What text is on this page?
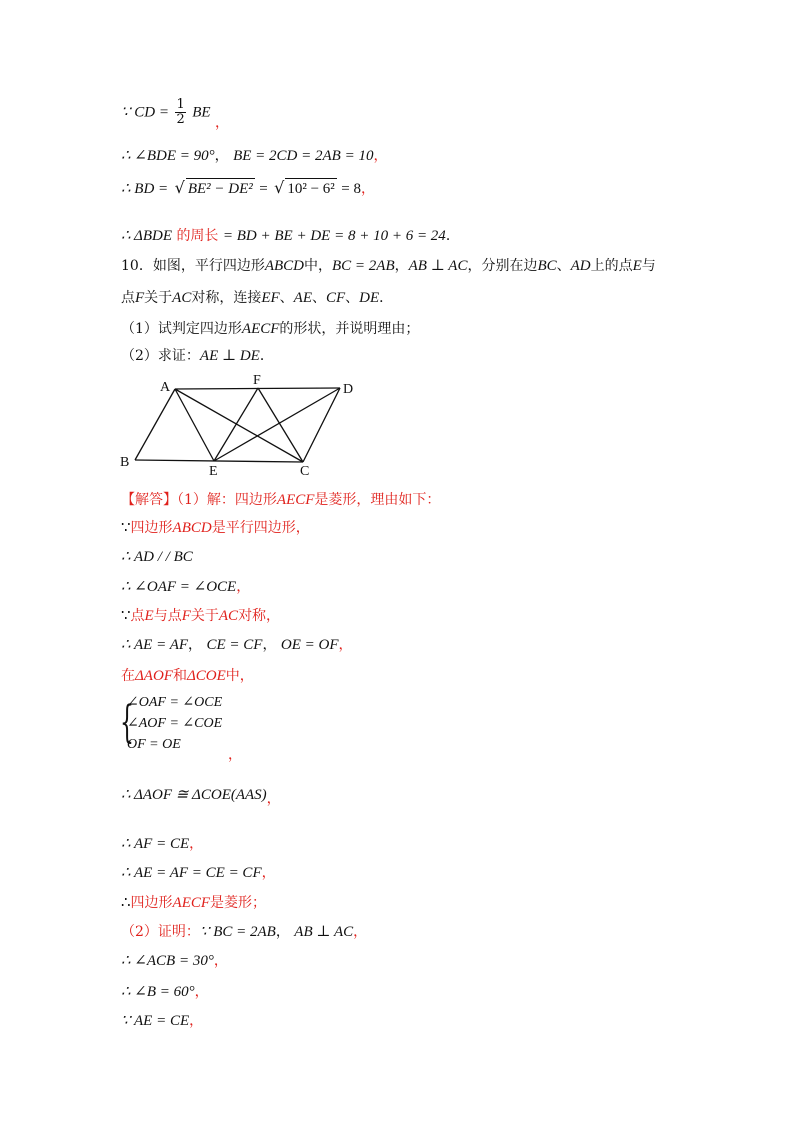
∵ CD = $\frac{1}{2}$ BE ，
∴ ∠BDE = 90°， BE = 2CD = 2AB = 10，
∴ BD = √ BE² − DE² = √ 10² − 6² = 8，
∴ ΔBDE 的周长 = BD + BE + DE = 8 + 10 + 6 = 24．
10．如图，平行四边形ABCD中，BC = 2AB，AB ⊥ AC，分别在边BC、AD上的点E与
点F关于AC对称，连接EF、AE、CF、DE．
（1）试判定四边形AECF的形状，并说明理由；
（2）求证：AE ⊥ DE．
A	F
D
B
E	C
【解答】（1）解：四边形AECF是菱形，理由如下：
∵四边形ABCD是平行四边形，
∴ AD / / BC
∴ ∠OAF = ∠OCE，
∵点E与点F关于AC对称，
∴ AE = AF， CE = CF， OE = OF，
在ΔAOF和ΔCOE中，
{
∠OAF = ∠OCE
∠AOF = ∠COE
OF = OE
，
∴ ΔAOF ≅ ΔCOE(AAS)，
∴ AF = CE，
∴ AE = AF = CE = CF，
∴四边形AECF是菱形；
（2）证明：∵ BC = 2AB， AB ⊥ AC，
∴ ∠ACB = 30°，
∴ ∠B = 60°，
∵ AE = CE，
